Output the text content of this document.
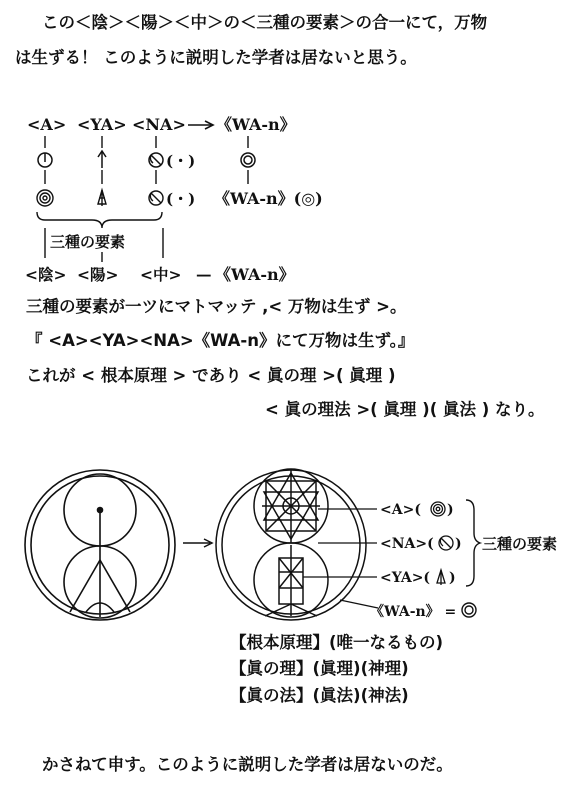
この＜陰＞＜陽＞＜中＞の＜三種の要素＞の合一にて，万物
は生ずる！ このように説明した学者は居ないと思う。
<A> <YA> <NA> 《WA-n》
(・)
(・) 《WA-n》(◎)
三種の要素
<陰> <陽> <中> — 《WA-n》
三種の要素が一ツにマトマッテ ,< 万物は生ず >。
『 <A><YA><NA>《WA-n》にて万物は生ず。』
これが < 根本原理 > であり < 眞の理 >( 眞理 )
< 眞の理法 >( 眞理 )( 眞法 ) なり。
<A>(
<NA>(
<YA>(
)
)
)
三種の要素
《WA-n》 =
【根本原理】(唯一なるもの)
【眞の理】(眞理)(神理)
【眞の法】(眞法)(神法)
かさねて申す。このように説明した学者は居ないのだ。
